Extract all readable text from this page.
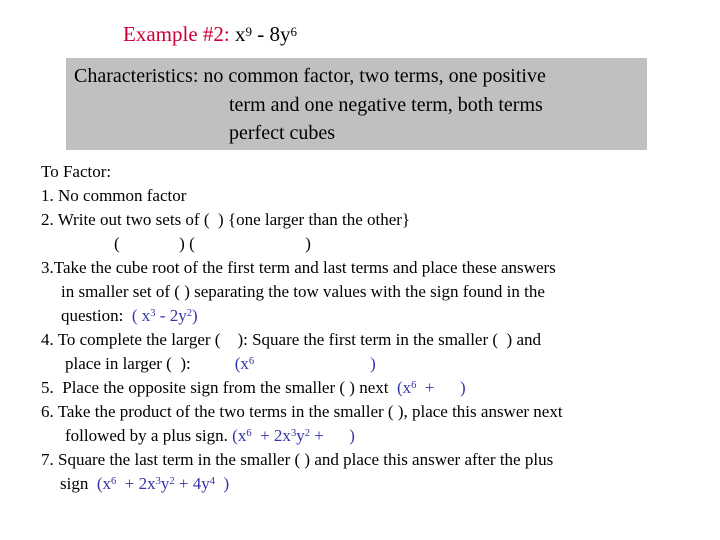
Example #2: $x^9 - 8y^6$
Characteristics: no common factor, two terms, one positive
term and one negative term, both terms
perfect cubes
To Factor:
1. No common factor
2. Write out two sets of (  ) {one larger than the other}
(              ) (                          )
3.Take the cube root of the first term and last terms and place these answers
in smaller set of ( ) separating the tow values with the sign found in the
question: ( $x^3 - 2y^2$)
4. To complete the larger (    ): Square the first term in the smaller (  ) and
place in larger (  ):	($x^6$	)
5.  Place the opposite sign from the smaller ( ) next ($x^6$  +      )
6. Take the product of the two terms in the smaller ( ), place this answer next
followed by a plus sign. ($x^6 + 2x^3y^2$ +      )
7. Square the last term in the smaller ( ) and place this answer after the plus
sign ($x^6 + 2x^3y^2 + 4y^4$  )
